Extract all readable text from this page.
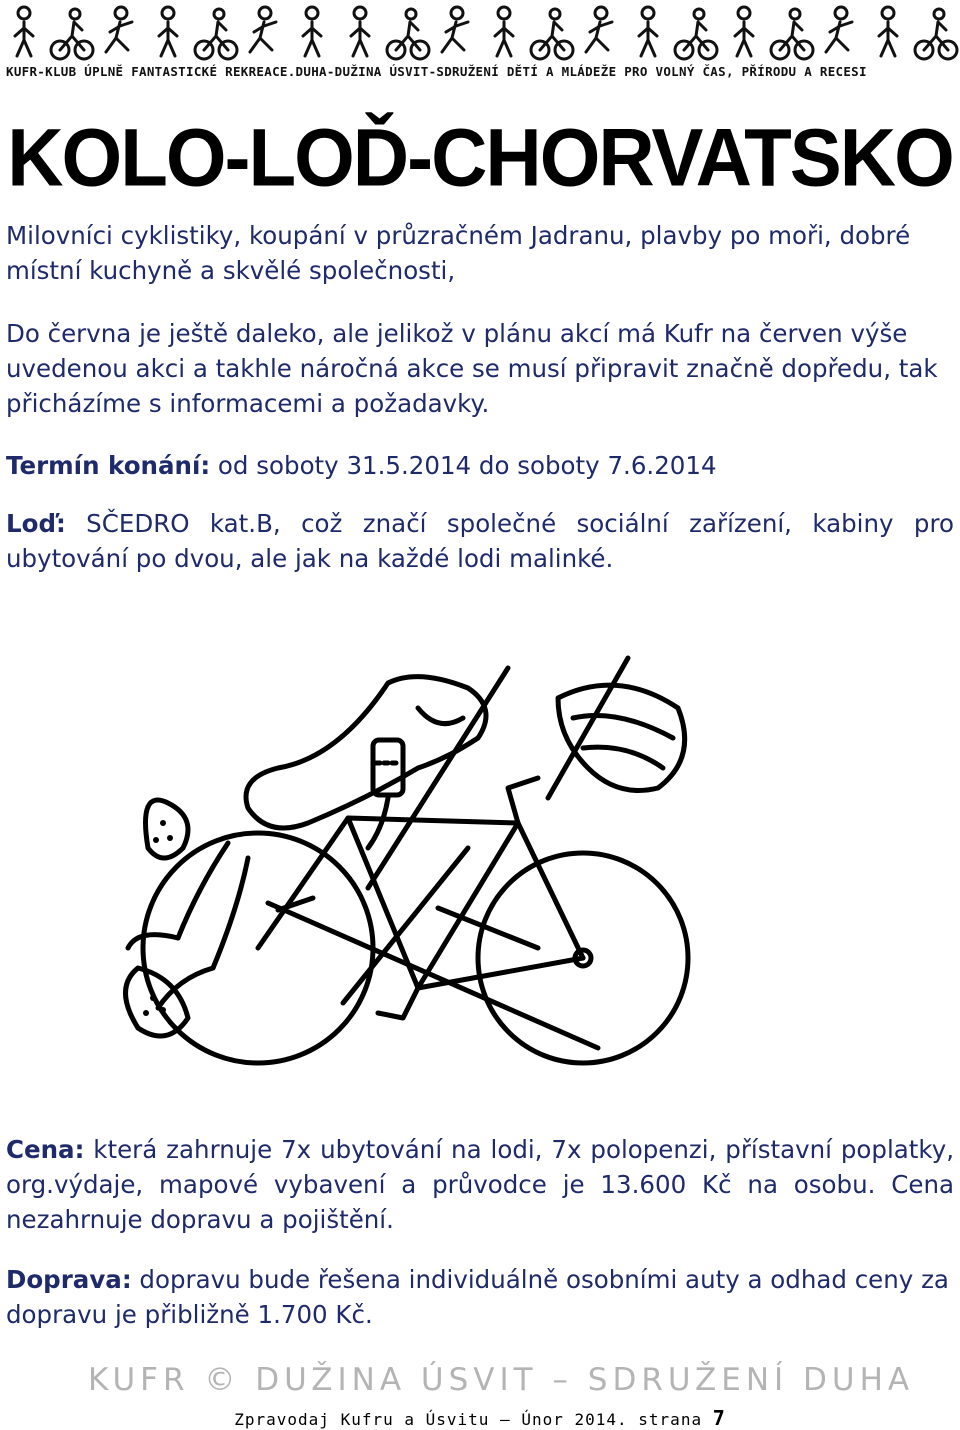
KUFR-KLUB ÚPLNĚ FANTASTICKÉ REKREACE.DUHA-DUŽINA ÚSVIT-SDRUŽENÍ DĚTÍ A MLÁDEŽE PRO VOLNÝ ČAS, PŘÍRODU A RECESI
KOLO-LOĎ-CHORVATSKO
Milovníci cyklistiky, koupání v průzračném Jadranu, plavby po moři, dobré místní kuchyně a skvělé společnosti,
Do června je ještě daleko, ale jelikož v plánu akcí má Kufr na červen výše uvedenou akci a takhle náročná akce se musí připravit značně dopředu, tak přicházíme s informacemi a požadavky.
Termín konání: od soboty 31.5.2014 do soboty 7.6.2014
Loď: SČEDRO kat.B, což značí společné sociální zařízení, kabiny pro ubytování po dvou, ale jak na každé lodi malinké.
Cena: která zahrnuje 7x ubytování na lodi, 7x polopenzi, přístavní poplatky, org.výdaje, mapové vybavení a průvodce je 13.600 Kč na osobu. Cena nezahrnuje dopravu a pojištění.
Doprava: dopravu bude řešena individuálně osobními auty a odhad ceny za dopravu je přibližně 1.700 Kč.
KUFR © DUŽINA ÚSVIT – SDRUŽENÍ DUHA
Zpravodaj Kufru a Úsvitu – Únor 2014. strana 7
